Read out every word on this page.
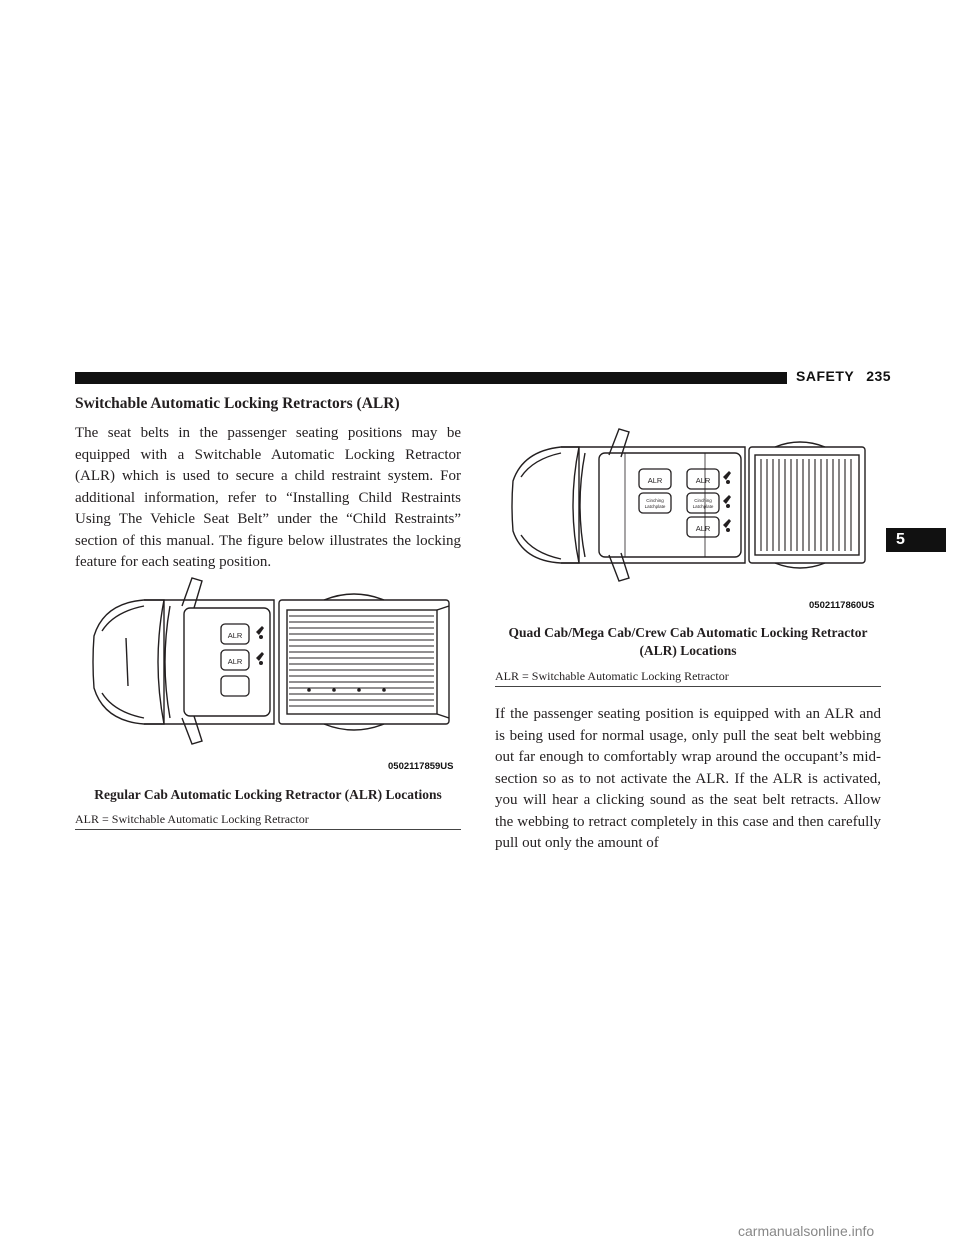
SAFETY 235
5
Switchable Automatic Locking Retractors (ALR)

The seat belts in the passenger seating positions may be equipped with a Switchable Automatic Locking Retractor (ALR) which is used to secure a child restraint system. For additional information, refer to “Installing Child Restraints Using The Vehicle Seat Belt” under the “Child Restraints” section of this manual. The figure below illustrates the locking feature for each seating position.

ALR
ALR
0502117859US
Regular Cab Automatic Locking Retractor (ALR) Locations
ALR = Switchable Automatic Locking Retractor
ALR	ALR
ALR
Cinching
Latchplate
Cinching
Latchplate
0502117860US
Quad Cab/Mega Cab/Crew Cab Automatic Locking Retractor (ALR) Locations
ALR = Switchable Automatic Locking Retractor

If the passenger seating position is equipped with an ALR and is being used for normal usage, only pull the seat belt webbing out far enough to comfortably wrap around the occupant’s mid-section so as to not activate the ALR. If the ALR is activated, you will hear a clicking sound as the seat belt retracts. Allow the webbing to retract completely in this case and then carefully pull out only the amount of

carmanualsonline.info
